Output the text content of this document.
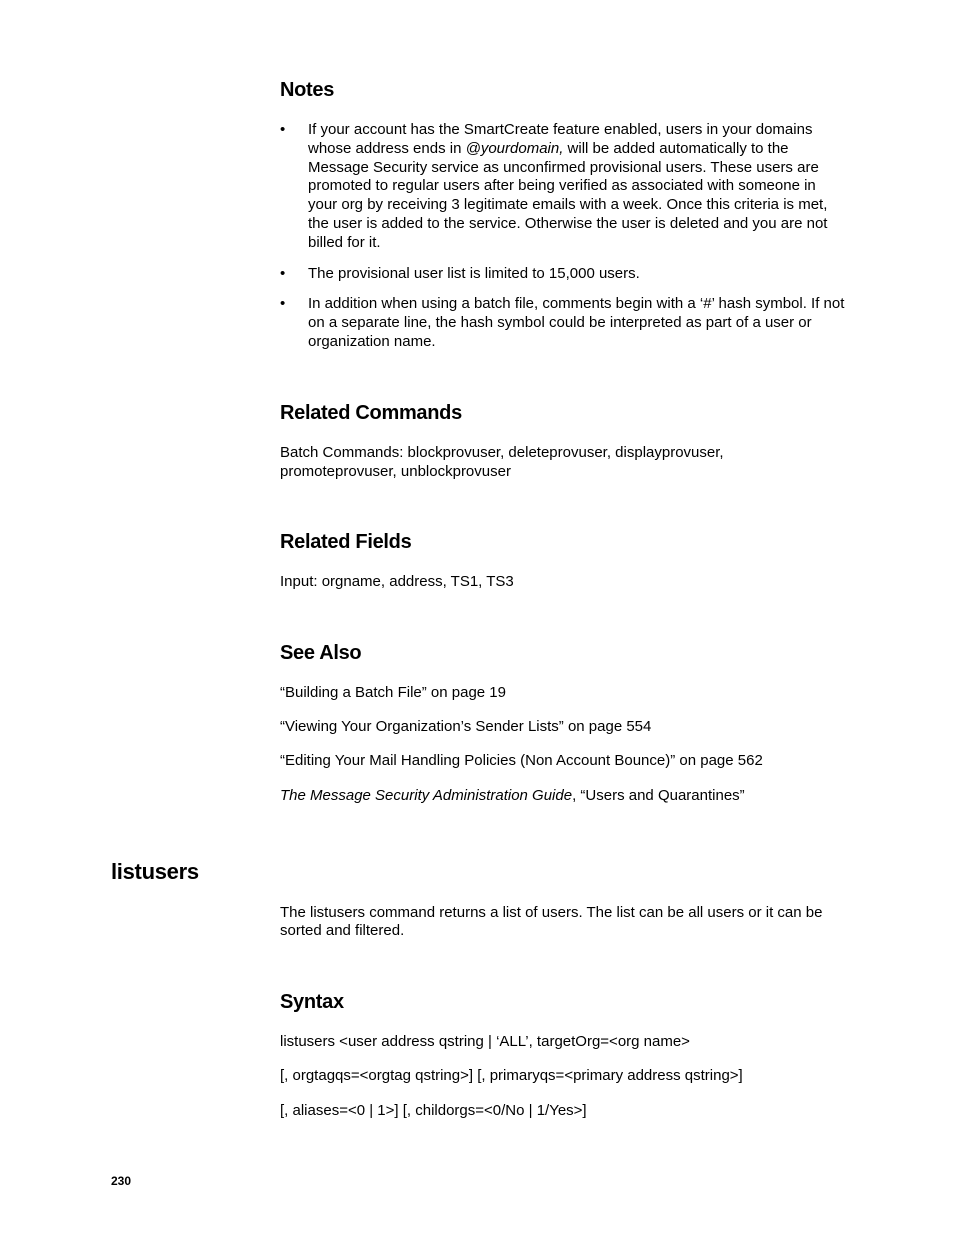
Notes
• If your account has the SmartCreate feature enabled, users in your domains whose address ends in @yourdomain, will be added automatically to the Message Security service as unconfirmed provisional users. These users are promoted to regular users after being verified as associated with someone in your org by receiving 3 legitimate emails with a week. Once this criteria is met, the user is added to the service. Otherwise the user is deleted and you are not billed for it.
• The provisional user list is limited to 15,000 users.
• In addition when using a batch file, comments begin with a ‘#’ hash symbol. If not on a separate line, the hash symbol could be interpreted as part of a user or organization name.
Related Commands

Batch Commands: blockprovuser, deleteprovuser, displayprovuser,

promoteprovuser, unblockprovuser

Related Fields

Input: orgname, address, TS1, TS3

See Also

“Building a Batch File” on page 19

“Viewing Your Organization’s Sender Lists” on page 554

“Editing Your Mail Handling Policies (Non Account Bounce)” on page 562

The Message Security Administration Guide, “Users and Quarantines”

listusers

The listusers command returns a list of users. The list can be all users or it can be

sorted and filtered.

Syntax

listusers <user address qstring | ‘ALL’, targetOrg=<org name>

[, orgtagqs=<orgtag qstring>] [, primaryqs=<primary address qstring>]

[, aliases=<0 | 1>] [, childorgs=<0/No | 1/Yes>]

230
